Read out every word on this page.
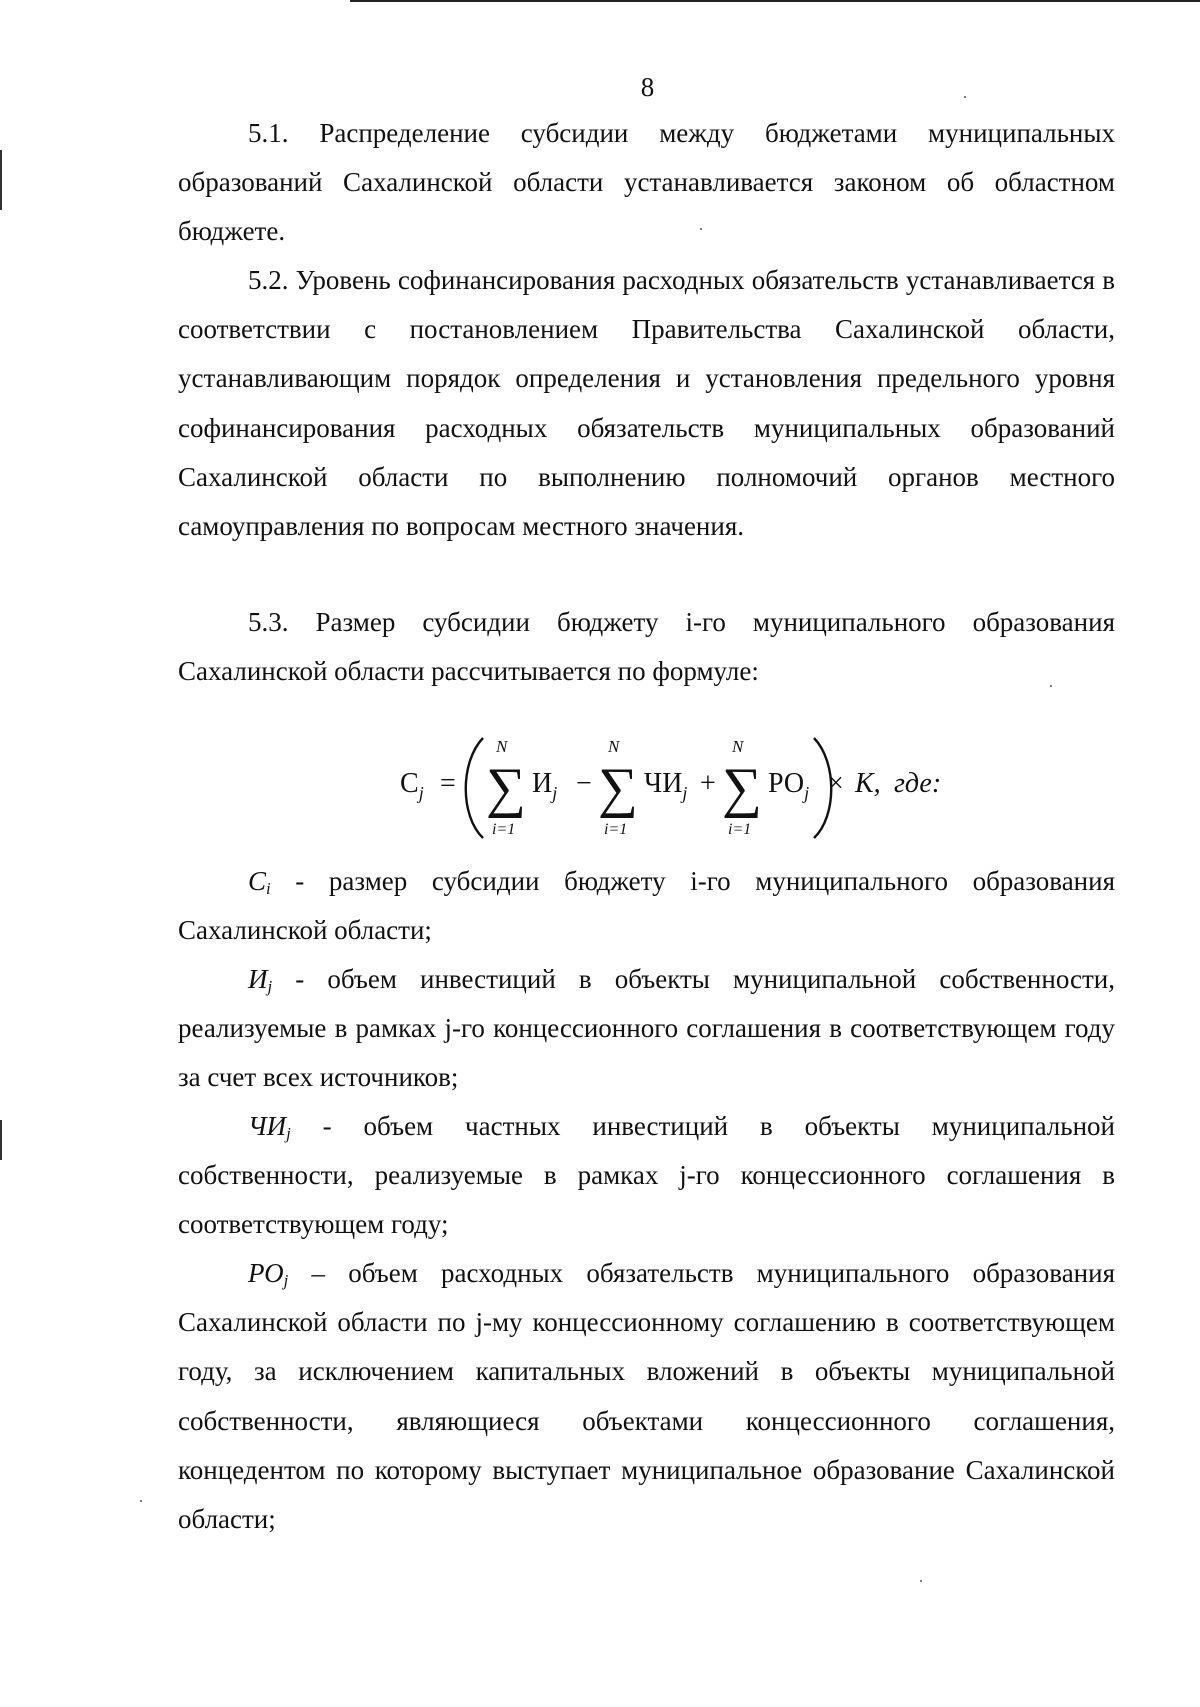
8

5.1. Распределение субсидии между бюджетами муниципальных образований Сахалинской области устанавливается законом об областном бюджете.

5.2. Уровень софинансирования расходных обязательств устанавливается в соответствии с постановлением Правительства Сахалинской области, устанавливающим порядок определения и установления предельного уровня софинансирования расходных обязательств муниципальных образований Сахалинской области по выполнению полномочий органов местного самоуправления по вопросам местного значения.

5.3. Размер субсидии бюджету i-го муниципального образования Сахалинской области рассчитывается по формуле:

$С_j$ =
N
∑
i=1
$И_j$ −
N
∑
i=1
$ЧИ_j$ +
N
∑
i=1
$РО_j \times К$, где:

$С_i$ - размер субсидии бюджету i-го муниципального образования Сахалинской области;

$И_j$ - объем инвестиций в объекты муниципальной собственности, реализуемые в рамках j-го концессионного соглашения в соответствующем году за счет всех источников;

$ЧИ_j$ - объем частных инвестиций в объекты муниципальной собственности, реализуемые в рамках j-го концессионного соглашения в соответствующем году;

$РО_j$ – объем расходных обязательств муниципального образования Сахалинской области по j-му концессионному соглашению в соответствующем году, за исключением капитальных вложений в объекты муниципальной собственности, являющиеся объектами концессионного соглашения, концедентом по которому выступает муниципальное образование Сахалинской области;
